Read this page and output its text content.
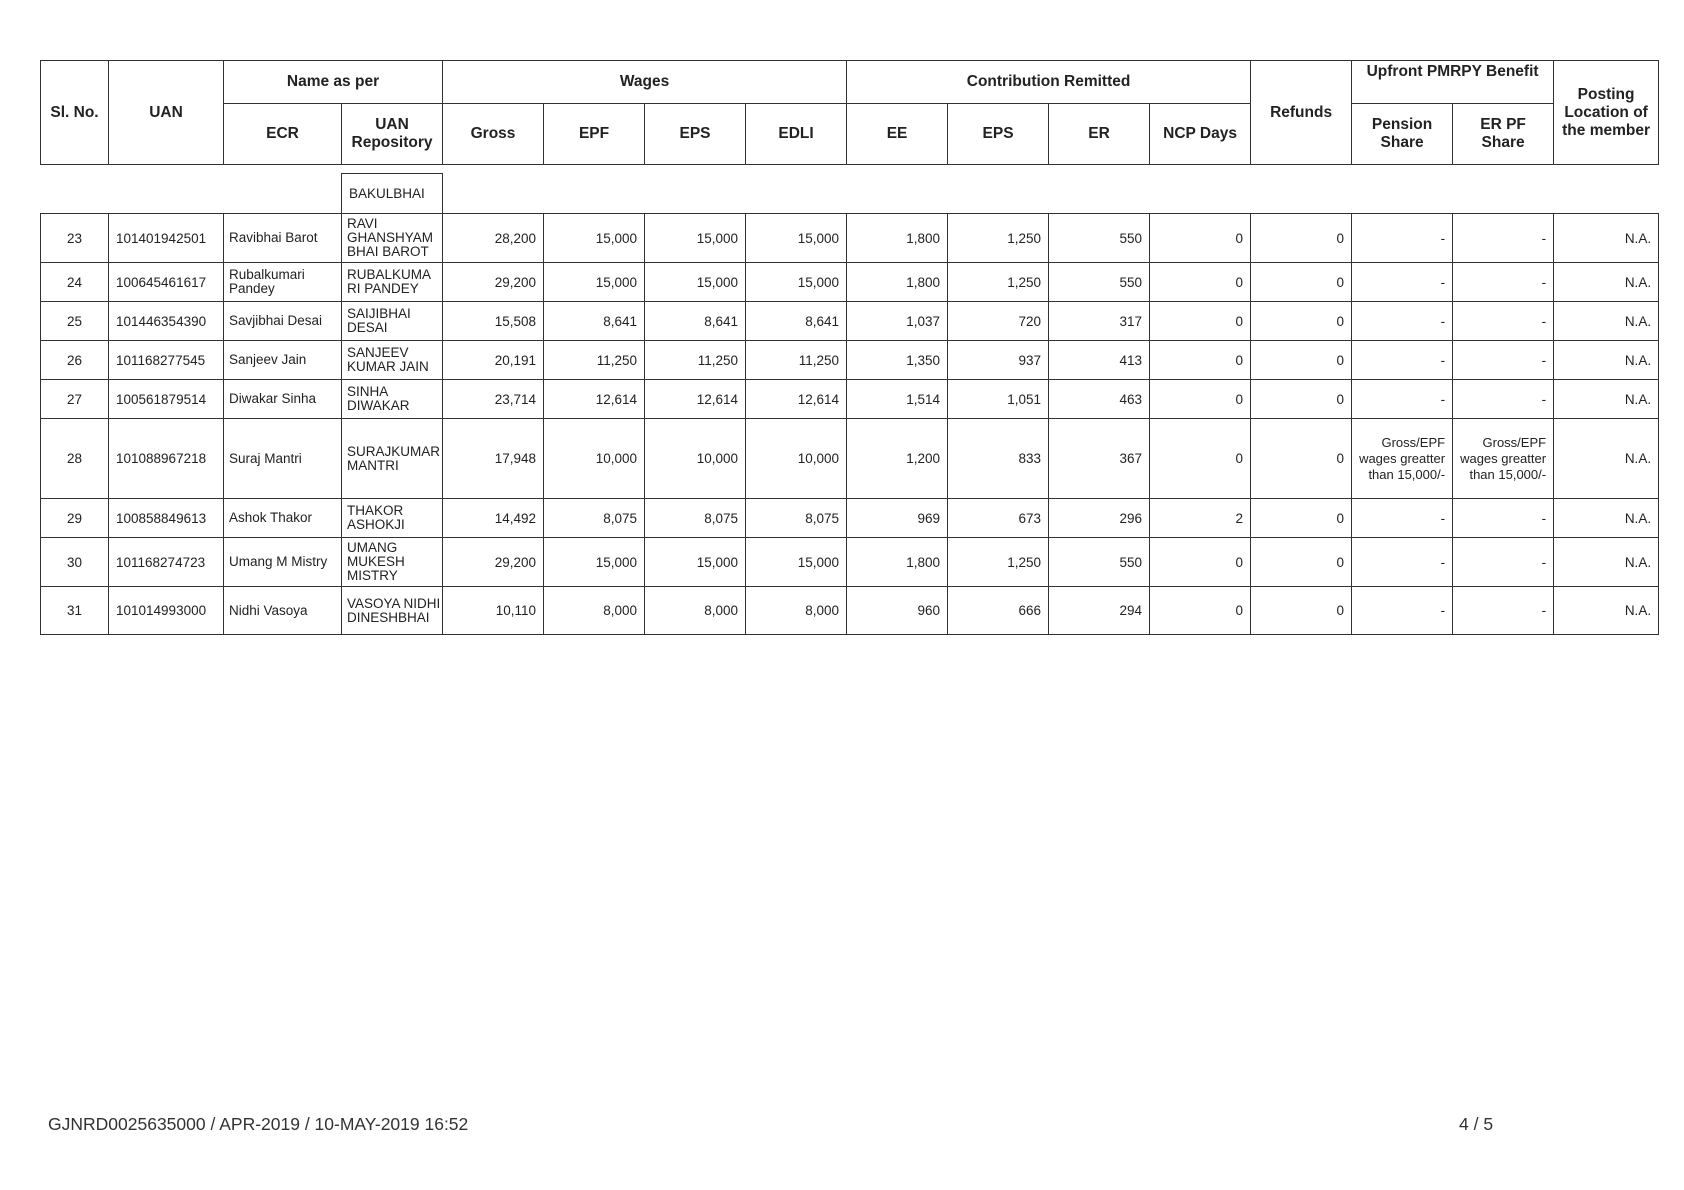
Sl. No.	UAN	Name as per		Wages				Contribution Remitted				Refunds	Upfront PMRPY Benefit		Posting Location of the member
		ECR	UAN Repository	Gross	EPF	EPS	EDLI	EE	EPS	ER	NCP Days		Pension Share	ER PF Share	

			BAKULBHAI												
23	101401942501	Ravibhai Barot	RAVI GHANSHYAM BHAI BAROT	28,200	15,000	15,000	15,000	1,800	1,250	550	0	0	-	-	N.A.
24	100645461617	Rubalkumari Pandey	RUBALKUMA RI PANDEY	29,200	15,000	15,000	15,000	1,800	1,250	550	0	0	-	-	N.A.
25	101446354390	Savjibhai Desai	SAIJIBHAI DESAI	15,508	8,641	8,641	8,641	1,037	720	317	0	0	-	-	N.A.
26	101168277545	Sanjeev Jain	SANJEEV KUMAR JAIN	20,191	11,250	11,250	11,250	1,350	937	413	0	0	-	-	N.A.
27	100561879514	Diwakar Sinha	SINHA DIWAKAR	23,714	12,614	12,614	12,614	1,514	1,051	463	0	0	-	-	N.A.
28	101088967218	Suraj Mantri	SURAJKUMAR MANTRI	17,948	10,000	10,000	10,000	1,200	833	367	0	0	Gross/EPF wages greatter than 15,000/-	Gross/EPF wages greatter than 15,000/-	N.A.
29	100858849613	Ashok Thakor	THAKOR ASHOKJI	14,492	8,075	8,075	8,075	969	673	296	2	0	-	-	N.A.
30	101168274723	Umang M Mistry	UMANG MUKESH MISTRY	29,200	15,000	15,000	15,000	1,800	1,250	550	0	0	-	-	N.A.
31	101014993000	Nidhi Vasoya	VASOYA NIDHI DINESHBHAI	10,110	8,000	8,000	8,000	960	666	294	0	0	-	-	N.A.
GJNRD0025635000 / APR-2019 / 10-MAY-2019 16:52	4 / 5
